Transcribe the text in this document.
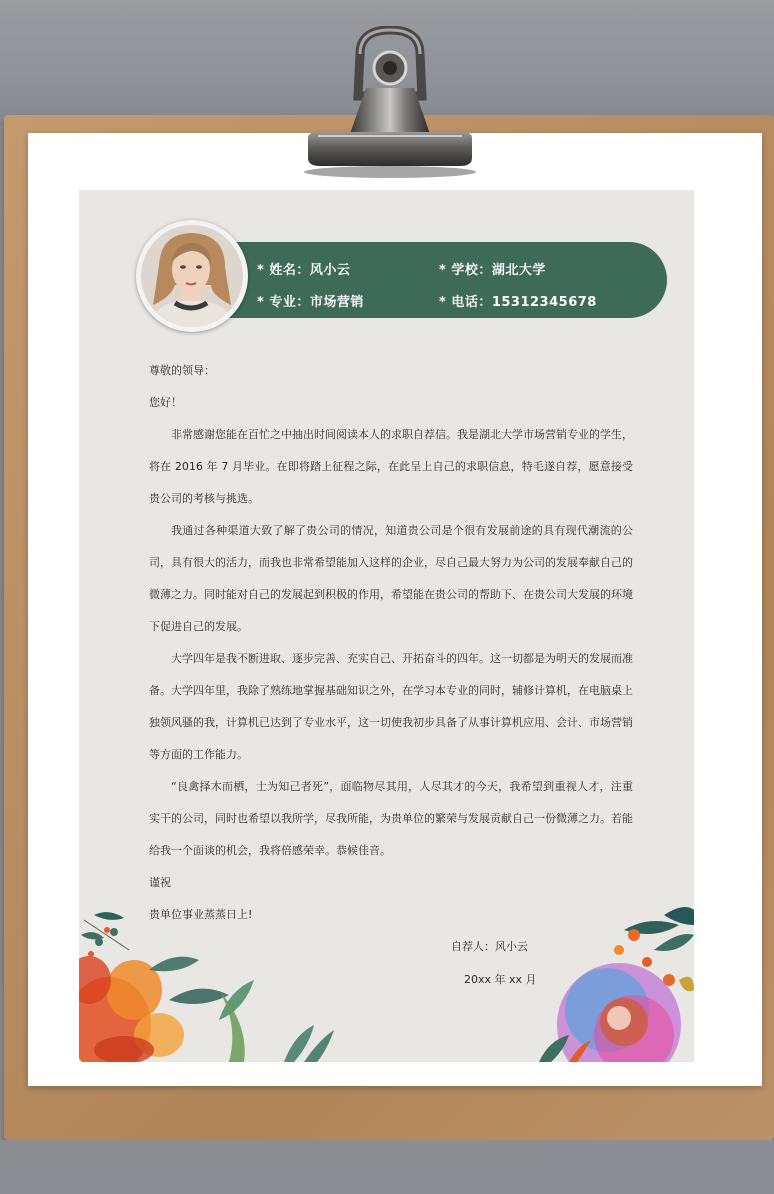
* 姓名：风小云	* 学校：湖北大学
* 专业：市场营销	* 电话：15312345678

尊敬的领导：

您好！

非常感谢您能在百忙之中抽出时间阅读本人的求职自荐信。我是湖北大学市场营销专业的学生，将在 2016 年 7 月毕业。在即将踏上征程之际，在此呈上自己的求职信息，特毛遂自荐，愿意接受贵公司的考核与挑选。

我通过各种渠道大致了解了贵公司的情况，知道贵公司是个很有发展前途的具有现代潮流的公司，具有很大的活力，而我也非常希望能加入这样的企业，尽自己最大努力为公司的发展奉献自己的微薄之力。同时能对自己的发展起到积极的作用，希望能在贵公司的帮助下、在贵公司大发展的环境下促进自己的发展。

大学四年是我不断进取、逐步完善、充实自己、开拓奋斗的四年。这一切都是为明天的发展而准备。大学四年里，我除了熟练地掌握基础知识之外，在学习本专业的同时，辅修计算机，在电脑桌上独领风骚的我，计算机已达到了专业水平，这一切使我初步具备了从事计算机应用、会计、市场营销等方面的工作能力。

“良禽择木而栖，士为知己者死”，面临物尽其用，人尽其才的今天，我希望到重视人才，注重实干的公司，同时也希望以我所学，尽我所能，为贵单位的繁荣与发展贡献自己一份微薄之力。若能给我一个面谈的机会，我将倍感荣幸。恭候佳音。

谨祝

贵单位事业蒸蒸日上!

自荐人：风小云
20xx 年 xx 月
